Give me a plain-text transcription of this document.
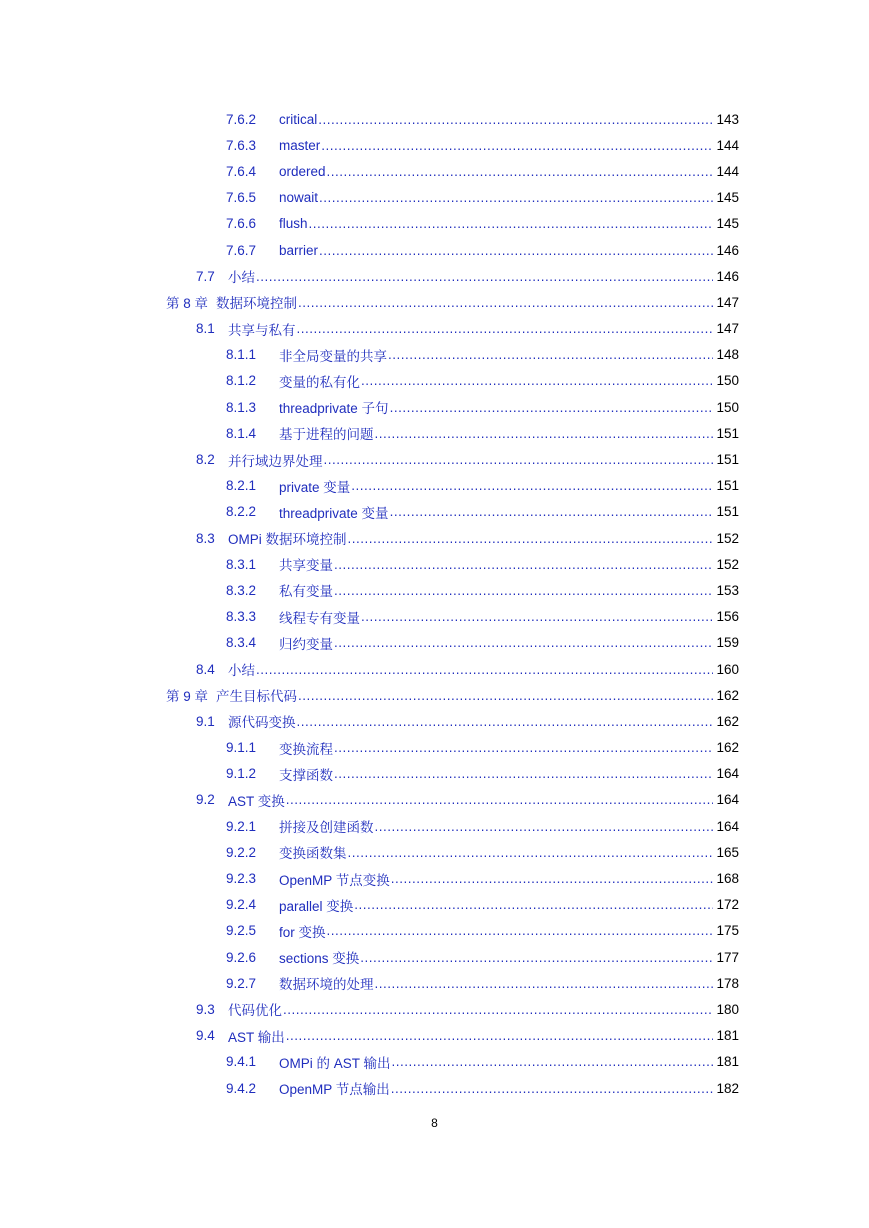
7.6.2	critical .....	143
7.6.3	master .....	144
7.6.4	ordered .....	144
7.6.5	nowait .....	145
7.6.6	flush .....	145
7.6.7	barrier .....	146
7.7 小结 .....	146
第 8 章 数据环境控制 .....	147
8.1 共享与私有 .....	147
8.1.1	非全局变量的共享 .....	148
8.1.2	变量的私有化 .....	150
8.1.3	threadprivate 子句 .....	150
8.1.4	基于进程的问题 .....	151
8.2 并行域边界处理 .....	151
8.2.1	private 变量 .....	151
8.2.2	threadprivate 变量 .....	151
8.3 OMPi 数据环境控制 .....	152
8.3.1	共享变量 .....	152
8.3.2	私有变量 .....	153
8.3.3	线程专有变量 .....	156
8.3.4	归约变量 .....	159
8.4 小结 .....	160
第 9 章 产生目标代码 .....	162
9.1 源代码变换 .....	162
9.1.1	变换流程 .....	162
9.1.2	支撑函数 .....	164
9.2 AST 变换 .....	164
9.2.1	拼接及创建函数 .....	164
9.2.2	变换函数集 .....	165
9.2.3	OpenMP 节点变换 .....	168
9.2.4	parallel 变换 .....	172
9.2.5	for 变换 .....	175
9.2.6	sections 变换 .....	177
9.2.7	数据环境的处理 .....	178
9.3 代码优化 .....	180
9.4 AST 输出 .....	181
9.4.1	OMPi 的 AST 输出 .....	181
9.4.2	OpenMP 节点输出 .....	182
8
